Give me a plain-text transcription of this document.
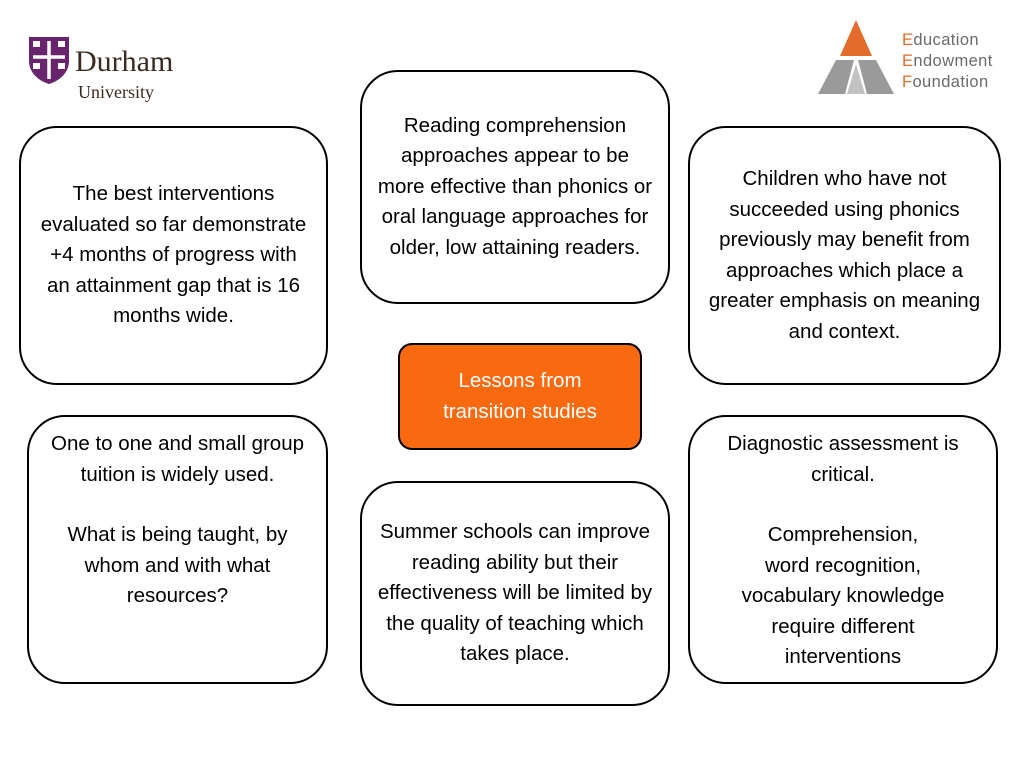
Durham
University
Education
Endowment
Foundation

Reading comprehension approaches appear to be more effective than phonics or oral language approaches for older, low attaining readers.

The best interventions evaluated so far demonstrate +4 months of progress with an attainment gap that is 16 months wide.

Children who have not succeeded using phonics previously may benefit from approaches which place a greater emphasis on meaning and context.

Lessons from
transition studies

One to one and small group tuition is widely used.

What is being taught, by whom and with what resources?

Summer schools can improve reading ability but their effectiveness will be limited by the quality of teaching which takes place.

Diagnostic assessment is critical.

Comprehension,
word recognition,
vocabulary knowledge require different interventions
